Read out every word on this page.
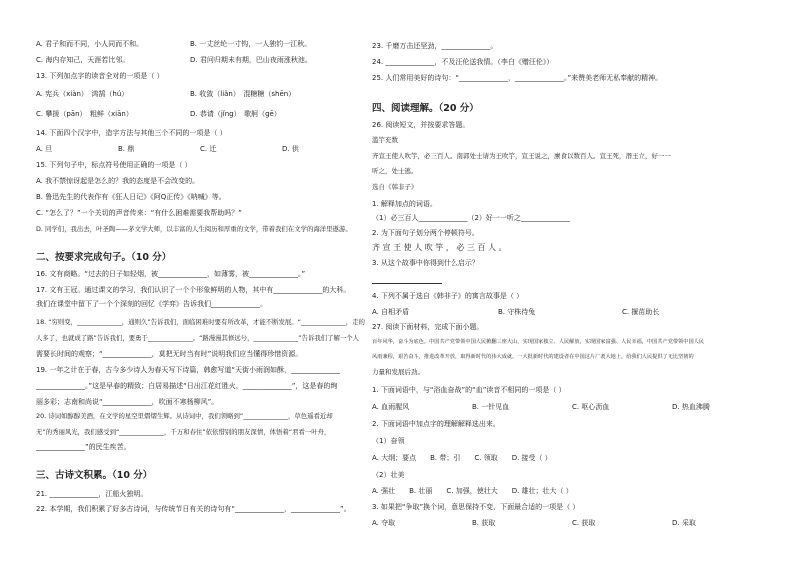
A. 君子和而不同，小人同而不和。	B. 一丈丝纶一寸钩，一人独钓一江秋。
C. 海内存知己，天涯若比邻。	D. 君问归期未有期，巴山夜雨涨秋池。
13. 下列加点字的读音全对的一项是（ ）
A. 宪兵（xiàn）　鸿鹄（hú）	B. 收敛（liǎn）　混糖糖（shēn）
C. 攀援（pān）　粗鲜（xiān）	D. 恭请（jǐng）　歌舸（gē）
14. 下面四个汉字中，造字方法与其他三个不同的一项是（ ）
A. 旦	B. 鼎	C. 迁	D. 供
15. 下列句子中，标点符号使用正确的一项是（ ）
A. 我不禁惊讶起是怎么的？我的态度是不会改变的。
B. 鲁迅先生的代表作有《狂人日记》《阿Q正传》《呐喊》等。
C. “怎么了？”一个关切的声音传来：“有什么困难需要我帮助吗？”
D. 同学们，我出去，叶圣陶——茅文学大师，以丰富的人生阅历和厚重的文学，带着我们在文学的海洋里遨游。
二、按要求完成句子。（10 分）
16. 文有商略。“过去的日子如轻烟，被______________，如薄雾，被______________。”
17. 文有王冠。通过课文的学习，我们认识了一个个形象鲜明的人物，其中有______________的大科。
我们在课堂中留下了一个个深刻的回忆《学弈》告诉我们______________。
18. “穷则变，______________，通则久”告诉我们，面临困难时要有所改革，才能不断发展。“______________，走的
人多了，也就成了路”告诉我们，要勇于______________。“路漫漫其修远兮，______________”告诉我们了解一个人
需要长时间的观察；“______________，莫把无时当有时”说明我们应当懂得珍惜资源。
19. 一年之计在于春，古今多少诗人为春天写下诗篇，韩愈写道“天街小雨润如酥，______________
______________。”这是早春的精致；白居易描述“日出江花红胜火，______________”，这是春的绚
丽多彩；志南和尚说“______________，吹面不寒杨柳风”。
20. 诗词如醇醇美酒，在文学的星空里熠熠生辉。从诗词中，我们领略到“______________，草色遥看近却
无”的秀丽风光，我们感受到“______________，千万和春住”依依惜别的朋友深情，体悟着“君看一叶舟，
______________”的民生疾苦。
三、古诗文积累。（10 分）
21. ______________，江船火独明。
22. 本学期，我们积累了好多古诗词，与传统节日有关的诗句有“______________，______________”。
23. 千磨万击还坚劲，______________。
24. ______________，不及汪伦送我情。（李白《赠汪伦》）
25. 人们常用美好的诗句：“______________，______________。”来赞美老师无私奉献的精神。
四、阅读理解。（20 分）
26. 阅读短文，并按要求答题。
滥竽充数
齐宣王使人吹竽，必三百人。南郭处士请为王吹竽，宣王说之，廪食以数百人。宣王死，湣王立，好一一
听之，处士逃。
选自《韩非子》
1. 解释加点的词语。
（1）必三百人______________（2）好一一听之______________
2. 为下面句子划分两个停顿符号。
齐 宣 王 使 人 吹 竽 ， 必 三 百 人 。
3. 从这个故事中你得到什么启示？
4. 下列不属于选自《韩非子》的寓言故事是（ ）
A. 自相矛盾	B. 守株待兔	C. 揠苗助长
27. 阅读下面材料，完成下面小题。
百年风华，奋斗为底色。中国共产党带领中国人民掀翻三座大山，实现国家独立、人民解放，实现国家富强、人民幸福，中国共产党带领中国人民
风雨兼程，艰苦奋斗，推进改革开放，取得新时代的伟大成就。一大批新时代的建设者在中国这片广袤大地上，给我们人民提供了无比坚韧的
力量和发展后劲。
1. 下面词语中，与“浴血奋战”的“血”读音不相同的一项是（ ）
A. 血雨腥风	B. 一针见血	C. 呕心沥血	D. 热血沸腾
2. 下面词语中加点字的理解解释选出来。
（1）奋领
A. 大纲；要点　　B. 带；引　　C. 领取　　D. 接受（ ）
（2）壮美
A. 强壮　　B. 壮丽　　C. 加强，使壮大　　D. 雄壮；壮大（ ）
3. 如果把“争取”换个词，意思保持不变，下面最合适的一项是（ ）
A. 夺取	B. 获取	C. 获取	D. 采取
